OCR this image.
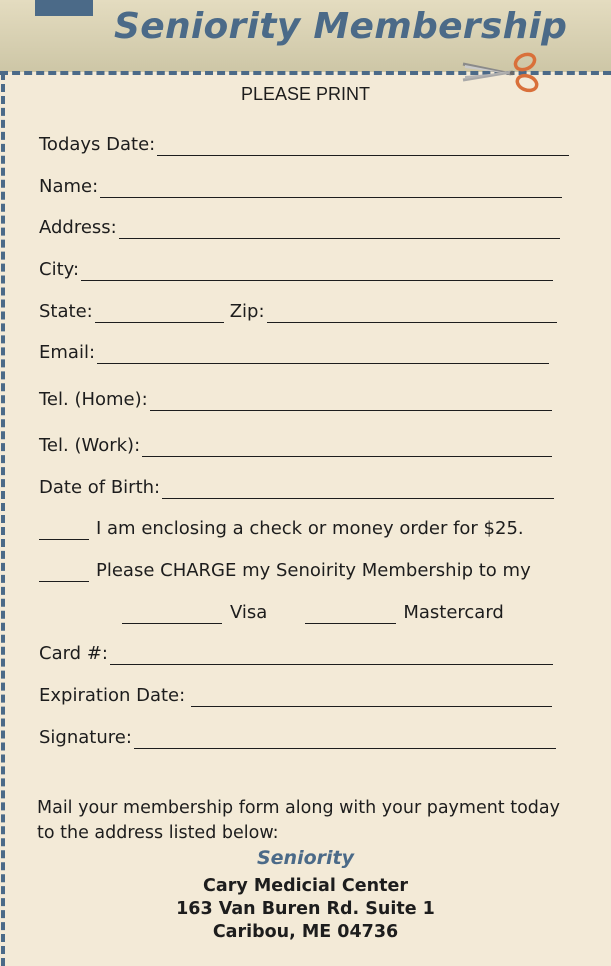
Seniority Membership
PLEASE PRINT
Todays Date:
Name:
Address:
City:
State:	Zip:
Email:
Tel. (Home):
Tel. (Work):
Date of Birth:
I am enclosing a check or money order for $25.
Please CHARGE my Senoirity Membership to my
Visa	Mastercard
Card #:
Expiration Date:
Signature:
Mail your membership form along with your payment today to the address listed below:
Seniority
Cary Medicial Center
163 Van Buren Rd. Suite 1
Caribou, ME 04736
